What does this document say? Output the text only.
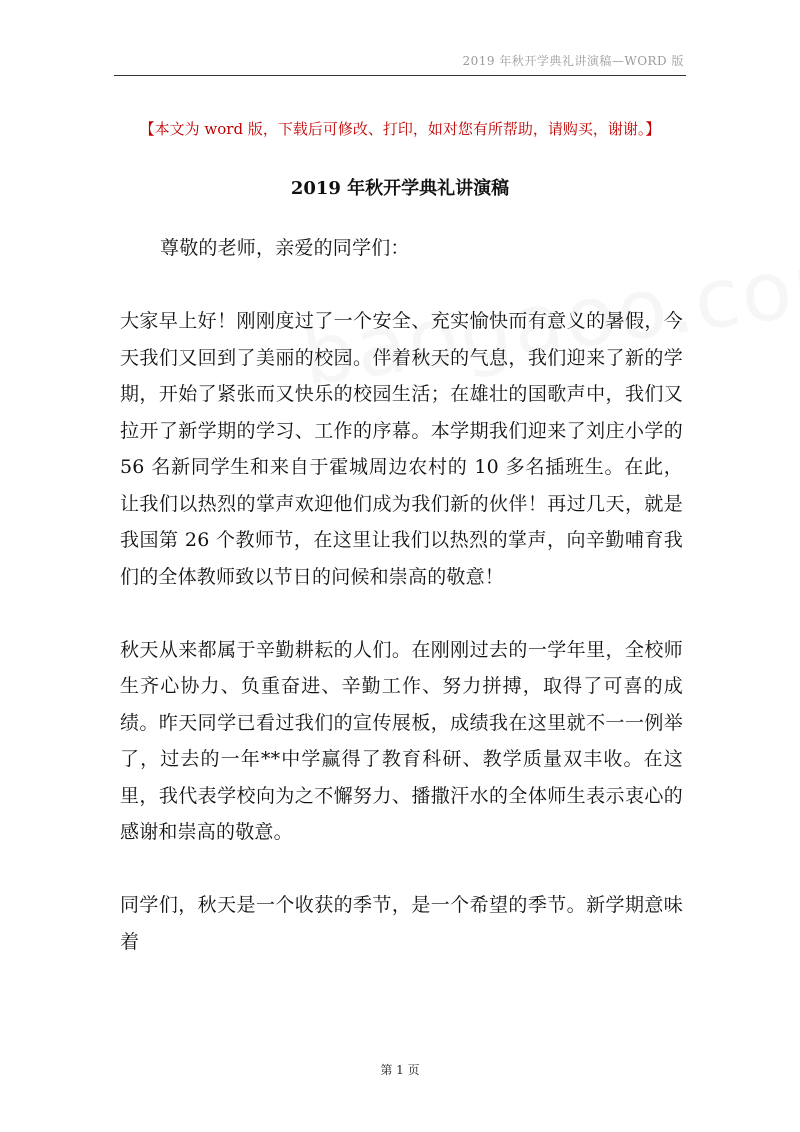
2019 年秋开学典礼讲演稿—WORD 版
【本文为 word 版，下载后可修改、打印，如对您有所帮助，请购买，谢谢。】
2019 年秋开学典礼讲演稿

尊敬的老师，亲爱的同学们：

大家早上好！刚刚度过了一个安全、充实愉快而有意义的暑假，今天我们又回到了美丽的校园。伴着秋天的气息，我们迎来了新的学期，开始了紧张而又快乐的校园生活；在雄壮的国歌声中，我们又拉开了新学期的学习、工作的序幕。本学期我们迎来了刘庄小学的 56 名新同学生和来自于霍城周边农村的 10 多名插班生。在此，让我们以热烈的掌声欢迎他们成为我们新的伙伴！再过几天，就是我国第 26 个教师节，在这里让我们以热烈的掌声，向辛勤哺育我们的全体教师致以节日的问候和崇高的敬意！

秋天从来都属于辛勤耕耘的人们。在刚刚过去的一学年里，全校师生齐心协力、负重奋进、辛勤工作、努力拼搏，取得了可喜的成绩。昨天同学已看过我们的宣传展板，成绩我在这里就不一一例举了，过去的一年**中学赢得了教育科研、教学质量双丰收。在这里，我代表学校向为之不懈努力、播撒汗水的全体师生表示衷心的感谢和崇高的敬意。

同学们，秋天是一个收获的季节，是一个希望的季节。新学期意味着

第 1 页
